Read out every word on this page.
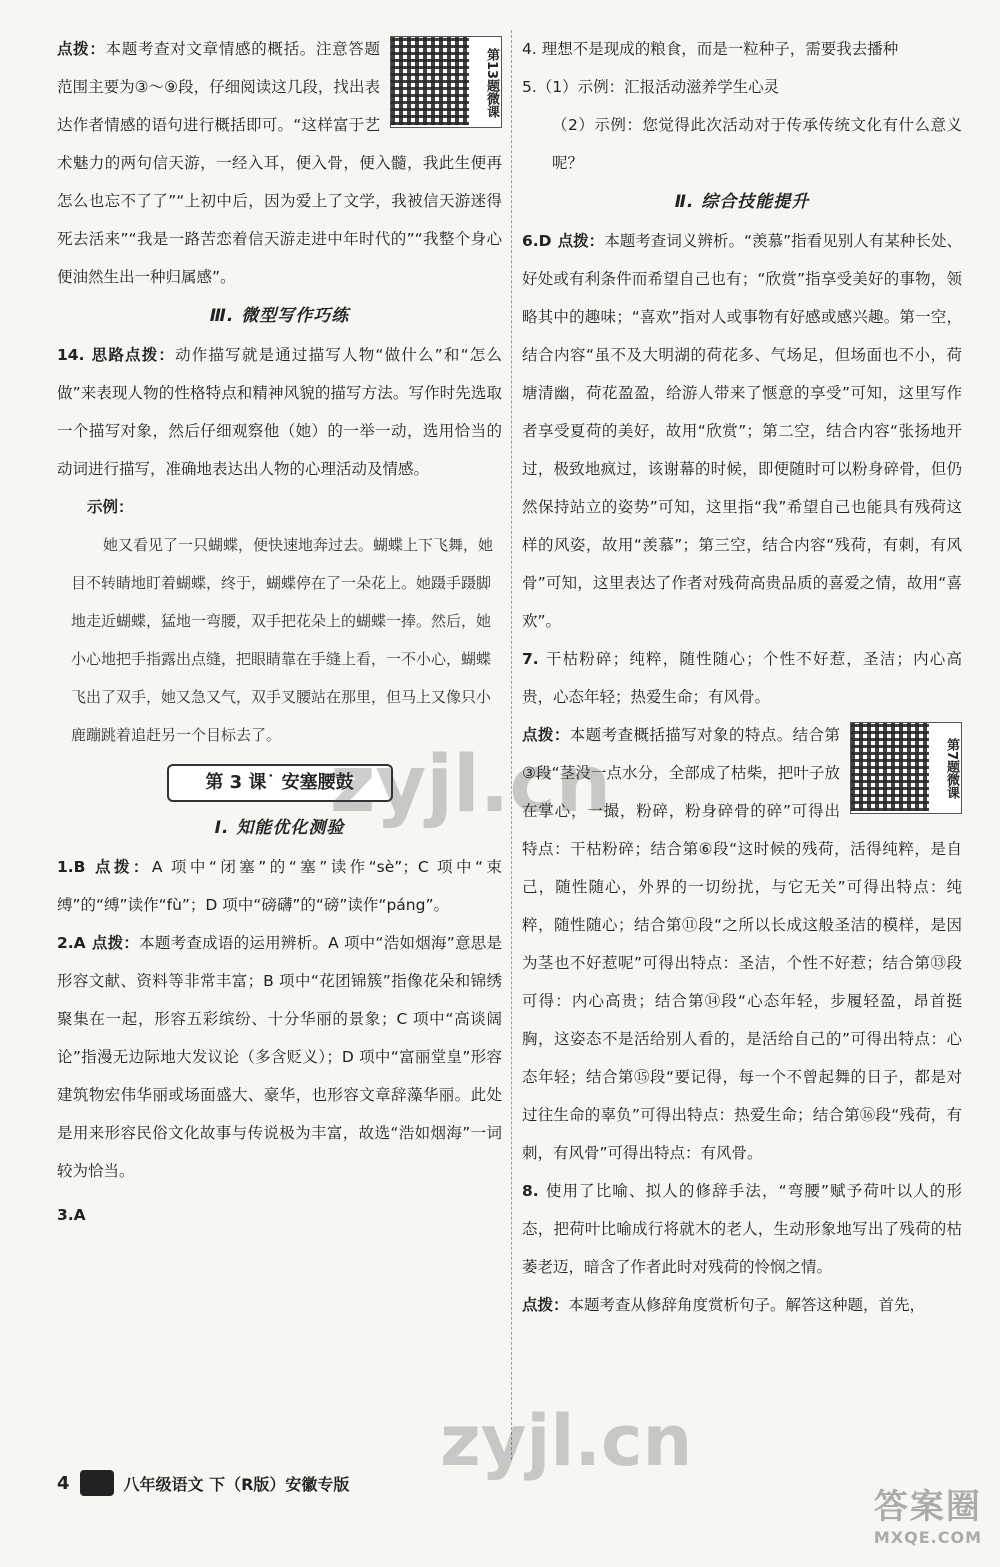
第13题微课

点拨：本题考查对文章情感的概括。注意答题范围主要为③～⑨段，仔细阅读这几段，找出表达作者情感的语句进行概括即可。“这样富于艺术魅力的两句信天游，一经入耳，便入骨，便入髓，我此生便再怎么也忘不了了”“上初中后，因为爱上了文学，我被信天游迷得死去活来”“我是一路苦恋着信天游走进中年时代的”“我整个身心便油然生出一种归属感”。

Ⅲ. 微型写作巧练

14. 思路点拨：动作描写就是通过描写人物“做什么”和“怎么做”来表现人物的性格特点和精神风貌的描写方法。写作时先选取一个描写对象，然后仔细观察他（她）的一举一动，选用恰当的动词进行描写，准确地表达出人物的心理活动及情感。

示例：

她又看见了一只蝴蝶，便快速地奔过去。蝴蝶上下飞舞，她目不转睛地盯着蝴蝶，终于，蝴蝶停在了一朵花上。她蹑手蹑脚地走近蝴蝶，猛地一弯腰，双手把花朵上的蝴蝶一捧。然后，她小心地把手指露出点缝，把眼睛靠在手缝上看，一不小心，蝴蝶飞出了双手，她又急又气，双手叉腰站在那里，但马上又像只小鹿蹦跳着追赶另一个目标去了。

第 3 课˙ 安塞腰鼓
Ⅰ. 知能优化测验

1.B 点拨：A 项中“闭塞”的“塞”读作“sè”；C 项中“束缚”的“缚”读作“fù”；D 项中“磅礴”的“磅”读作“páng”。

2.A 点拨：本题考查成语的运用辨析。A 项中“浩如烟海”意思是形容文献、资料等非常丰富；B 项中“花团锦簇”指像花朵和锦绣聚集在一起，形容五彩缤纷、十分华丽的景象；C 项中“高谈阔论”指漫无边际地大发议论（多含贬义）；D 项中“富丽堂皇”形容建筑物宏伟华丽或场面盛大、豪华，也形容文章辞藻华丽。此处是用来形容民俗文化故事与传说极为丰富，故选“浩如烟海”一词较为恰当。

3.A

4. 理想不是现成的粮食，而是一粒种子，需要我去播种

5.（1）示例：汇报活动滋养学生心灵

（2）示例：您觉得此次活动对于传承传统文化有什么意义呢？

Ⅱ. 综合技能提升

6.D 点拨：本题考查词义辨析。“羡慕”指看见别人有某种长处、好处或有利条件而希望自己也有；“欣赏”指享受美好的事物，领略其中的趣味；“喜欢”指对人或事物有好感或感兴趣。第一空，结合内容“虽不及大明湖的荷花多、气场足，但场面也不小，荷塘清幽，荷花盈盈，给游人带来了惬意的享受”可知，这里写作者享受夏荷的美好，故用“欣赏”；第二空，结合内容“张扬地开过，极致地疯过，该谢幕的时候，即便随时可以粉身碎骨，但仍然保持站立的姿势”可知，这里指“我”希望自己也能具有残荷这样的风姿，故用“羡慕”；第三空，结合内容“残荷，有刺，有风骨”可知，这里表达了作者对残荷高贵品质的喜爱之情，故用“喜欢”。

7. 干枯粉碎；纯粹，随性随心；个性不好惹，圣洁；内心高贵，心态年轻；热爱生命；有风骨。

第7题微课

点拨：本题考查概括描写对象的特点。结合第③段“茎没一点水分，全部成了枯柴，把叶子放在掌心，一撮，粉碎，粉身碎骨的碎”可得出特点：干枯粉碎；结合第⑥段“这时候的残荷，活得纯粹，是自己，随性随心，外界的一切纷扰，与它无关”可得出特点：纯粹，随性随心；结合第⑪段“之所以长成这般圣洁的模样，是因为茎也不好惹呢”可得出特点：圣洁，个性不好惹；结合第⑬段可得：内心高贵；结合第⑭段“心态年轻，步履轻盈，昂首挺胸，这姿态不是活给别人看的，是活给自己的”可得出特点：心态年轻；结合第⑮段“要记得，每一个不曾起舞的日子，都是对过往生命的辜负”可得出特点：热爱生命；结合第⑯段“残荷，有刺，有风骨”可得出特点：有风骨。

8. 使用了比喻、拟人的修辞手法，“弯腰”赋予荷叶以人的形态，把荷叶比喻成行将就木的老人，生动形象地写出了残荷的枯萎老迈，暗含了作者此时对残荷的怜悯之情。

点拨：本题考查从修辞角度赏析句子。解答这种题，首先，

4	八年级语文 下（R版）安徽专版
zyjl.cn
zyjl.cn
答案圈
MXQE.COM
